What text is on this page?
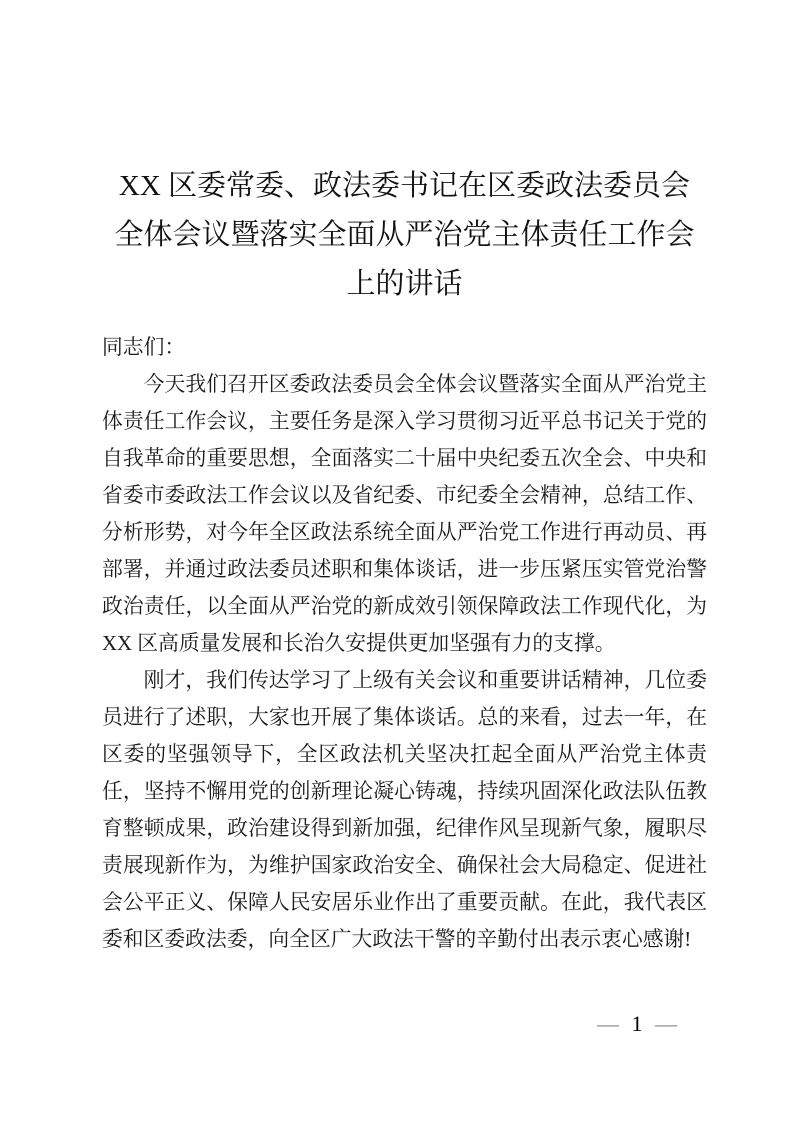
XX 区委常委、政法委书记在区委政法委员会
全体会议暨落实全面从严治党主体责任工作会
上的讲话

同志们：

今天我们召开区委政法委员会全体会议暨落实全面从严治党主体责任工作会议，主要任务是深入学习贯彻习近平总书记关于党的自我革命的重要思想，全面落实二十届中央纪委五次全会、中央和省委市委政法工作会议以及省纪委、市纪委全会精神，总结工作、分析形势，对今年全区政法系统全面从严治党工作进行再动员、再部署，并通过政法委员述职和集体谈话，进一步压紧压实管党治警政治责任，以全面从严治党的新成效引领保障政法工作现代化，为 XX 区高质量发展和长治久安提供更加坚强有力的支撑。

刚才，我们传达学习了上级有关会议和重要讲话精神，几位委员进行了述职，大家也开展了集体谈话。总的来看，过去一年，在区委的坚强领导下，全区政法机关坚决扛起全面从严治党主体责任，坚持不懈用党的创新理论凝心铸魂，持续巩固深化政法队伍教育整顿成果，政治建设得到新加强，纪律作风呈现新气象，履职尽责展现新作为，为维护国家政治安全、确保社会大局稳定、促进社会公平正义、保障人民安居乐业作出了重要贡献。在此，我代表区委和区委政法委，向全区广大政法干警的辛勤付出表示衷心感谢!

— 1 —
